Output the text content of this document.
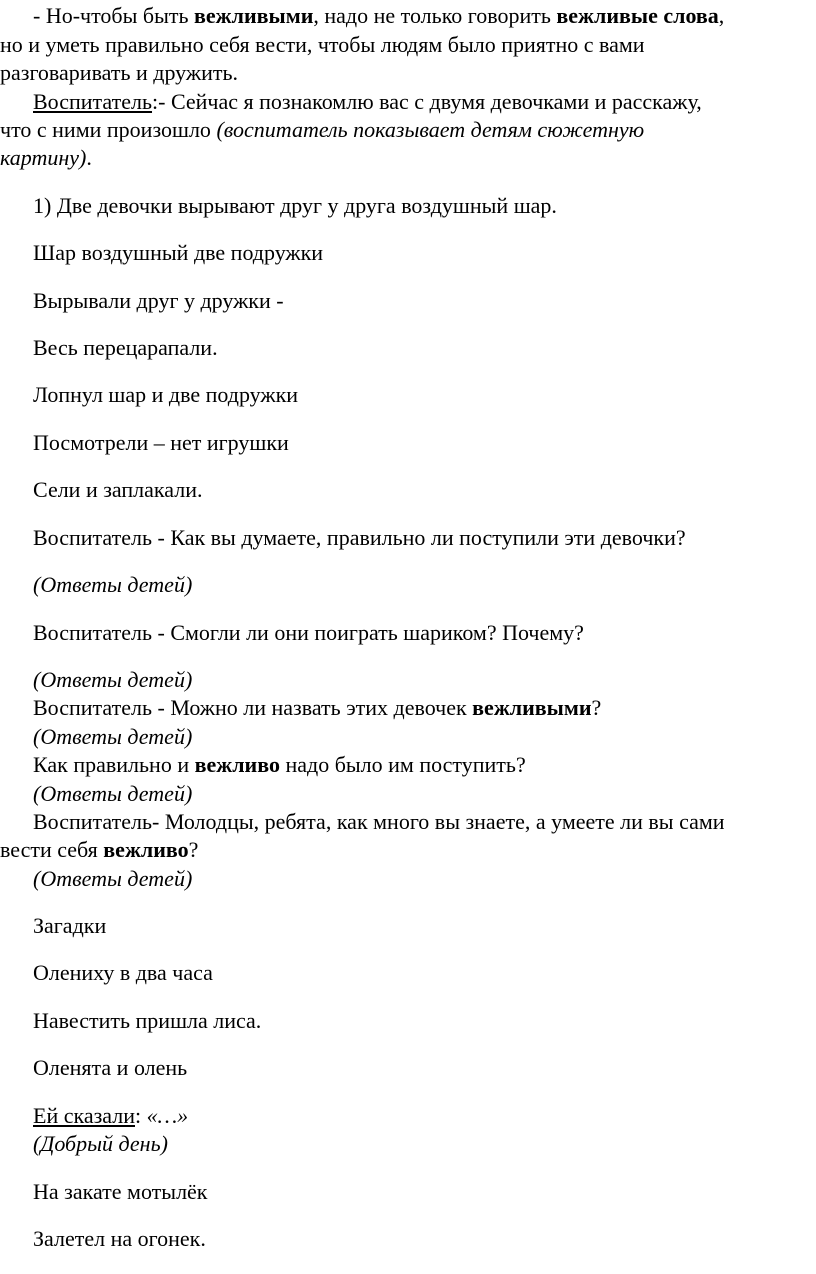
- Но-чтобы быть вежливыми, надо не только говорить вежливые слова,
но и уметь правильно себя вести, чтобы людям было приятно с вами
разговаривать и дружить.
Воспитатель:- Сейчас я познакомлю вас с двумя девочками и расскажу,
что с ними произошло (воспитатель показывает детям сюжетную
картину).
1) Две девочки вырывают друг у друга воздушный шар.
Шар воздушный две подружки
Вырывали друг у дружки -
Весь перецарапали.
Лопнул шар и две подружки
Посмотрели – нет игрушки
Сели и заплакали.
Воспитатель - Как вы думаете, правильно ли поступили эти девочки?
(Ответы детей)
Воспитатель - Смогли ли они поиграть шариком? Почему?
(Ответы детей)
Воспитатель - Можно ли назвать этих девочек вежливыми?
(Ответы детей)
Как правильно и вежливо надо было им поступить?
(Ответы детей)
Воспитатель- Молодцы, ребята, как много вы знаете, а умеете ли вы сами
вести себя вежливо?
(Ответы детей)
Загадки
Олениху в два часа
Навестить пришла лиса.
Оленята и олень
Ей сказали: «…»
(Добрый день)
На закате мотылёк
Залетел на огонек.
